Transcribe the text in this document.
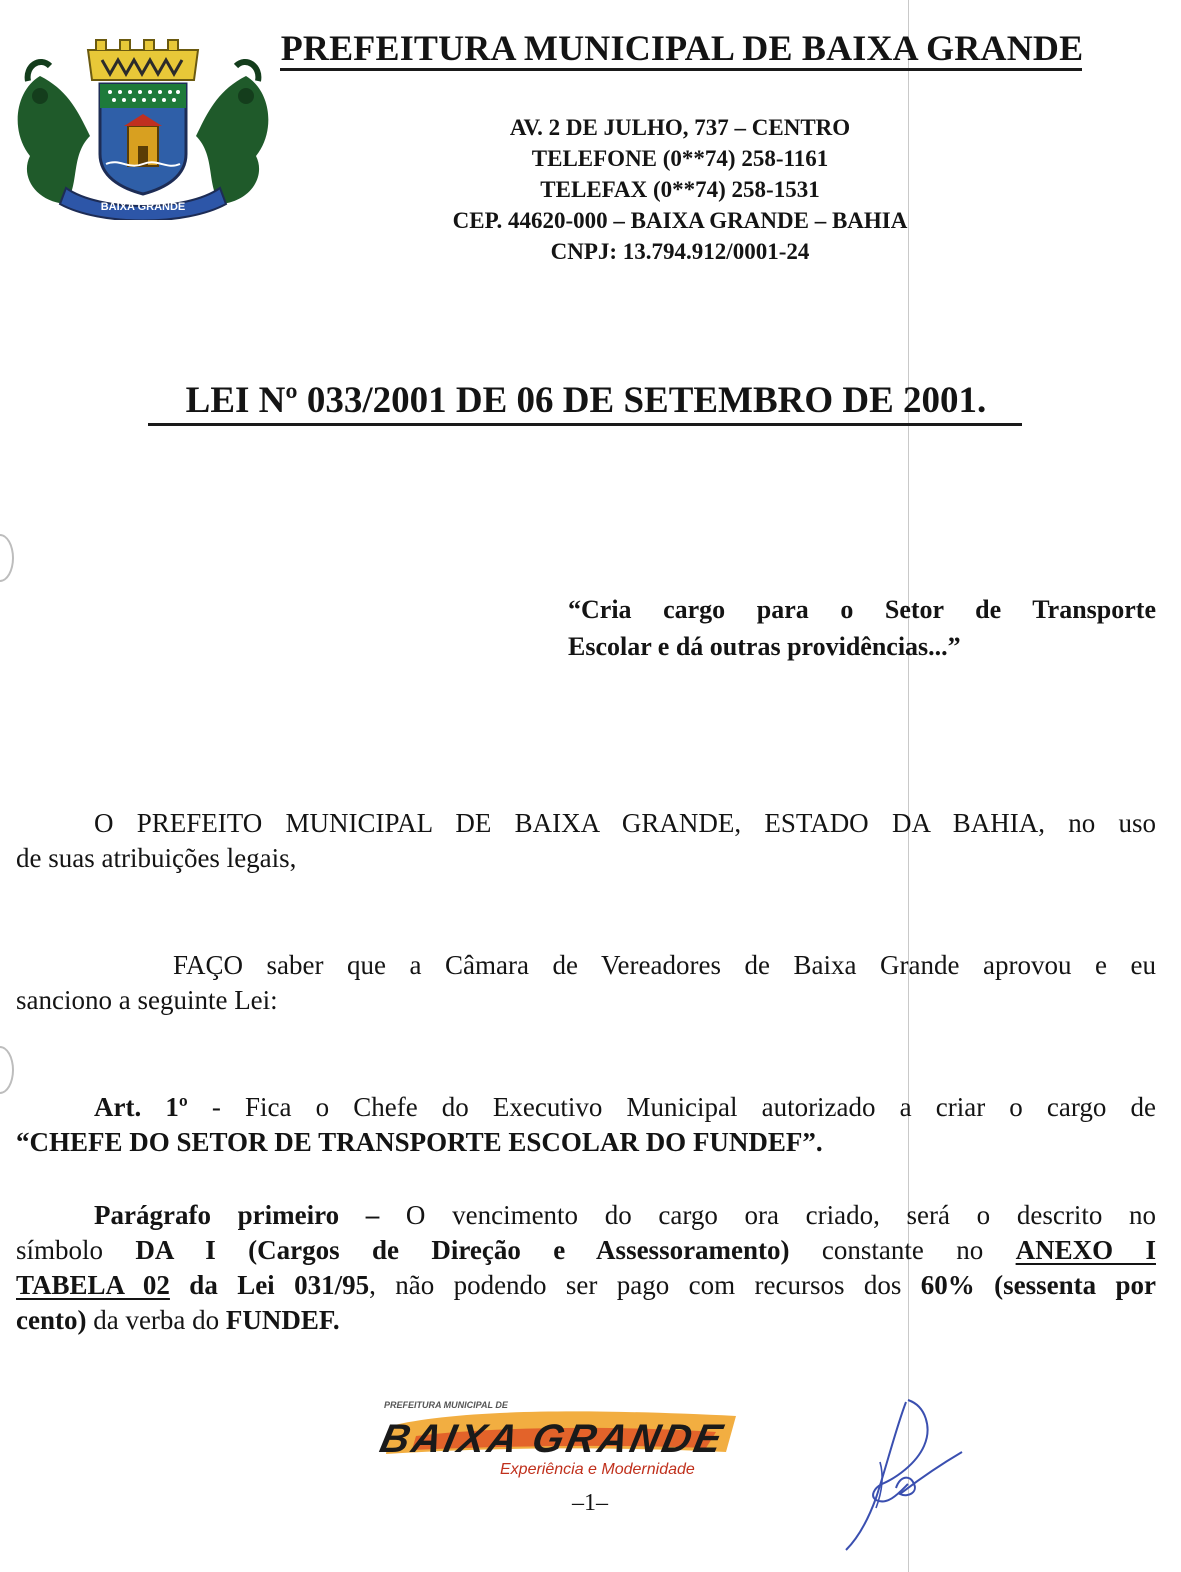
BAIXA GRANDE
PREFEITURA MUNICIPAL DE BAIXA GRANDE
AV. 2 DE JULHO, 737 – CENTRO
TELEFONE (0**74) 258-1161
TELEFAX (0**74) 258-1531
CEP. 44620-000 – BAIXA GRANDE – BAHIA
CNPJ: 13.794.912/0001-24
LEI Nº 033/2001 DE 06 DE SETEMBRO DE 2001.
“Cria cargo para o Setor de Transporte
Escolar e dá outras providências...”
O PREFEITO MUNICIPAL DE BAIXA GRANDE, ESTADO DA BAHIA, no uso
de suas atribuições legais,
FAÇO saber que a Câmara de Vereadores de Baixa Grande aprovou e eu
sanciono a seguinte Lei:
Art. 1º - Fica o Chefe do Executivo Municipal autorizado a criar o cargo de
“CHEFE DO SETOR DE TRANSPORTE ESCOLAR DO FUNDEF”.
Parágrafo primeiro – O vencimento do cargo ora criado, será o descrito no
símbolo DA I (Cargos de Direção e Assessoramento) constante no ANEXO I
TABELA 02 da Lei 031/95, não podendo ser pago com recursos dos 60% (sessenta por
cento) da verba do FUNDEF.
PREFEITURA MUNICIPAL DE
BAIXA GRANDE
Experiência e Modernidade
–1–
